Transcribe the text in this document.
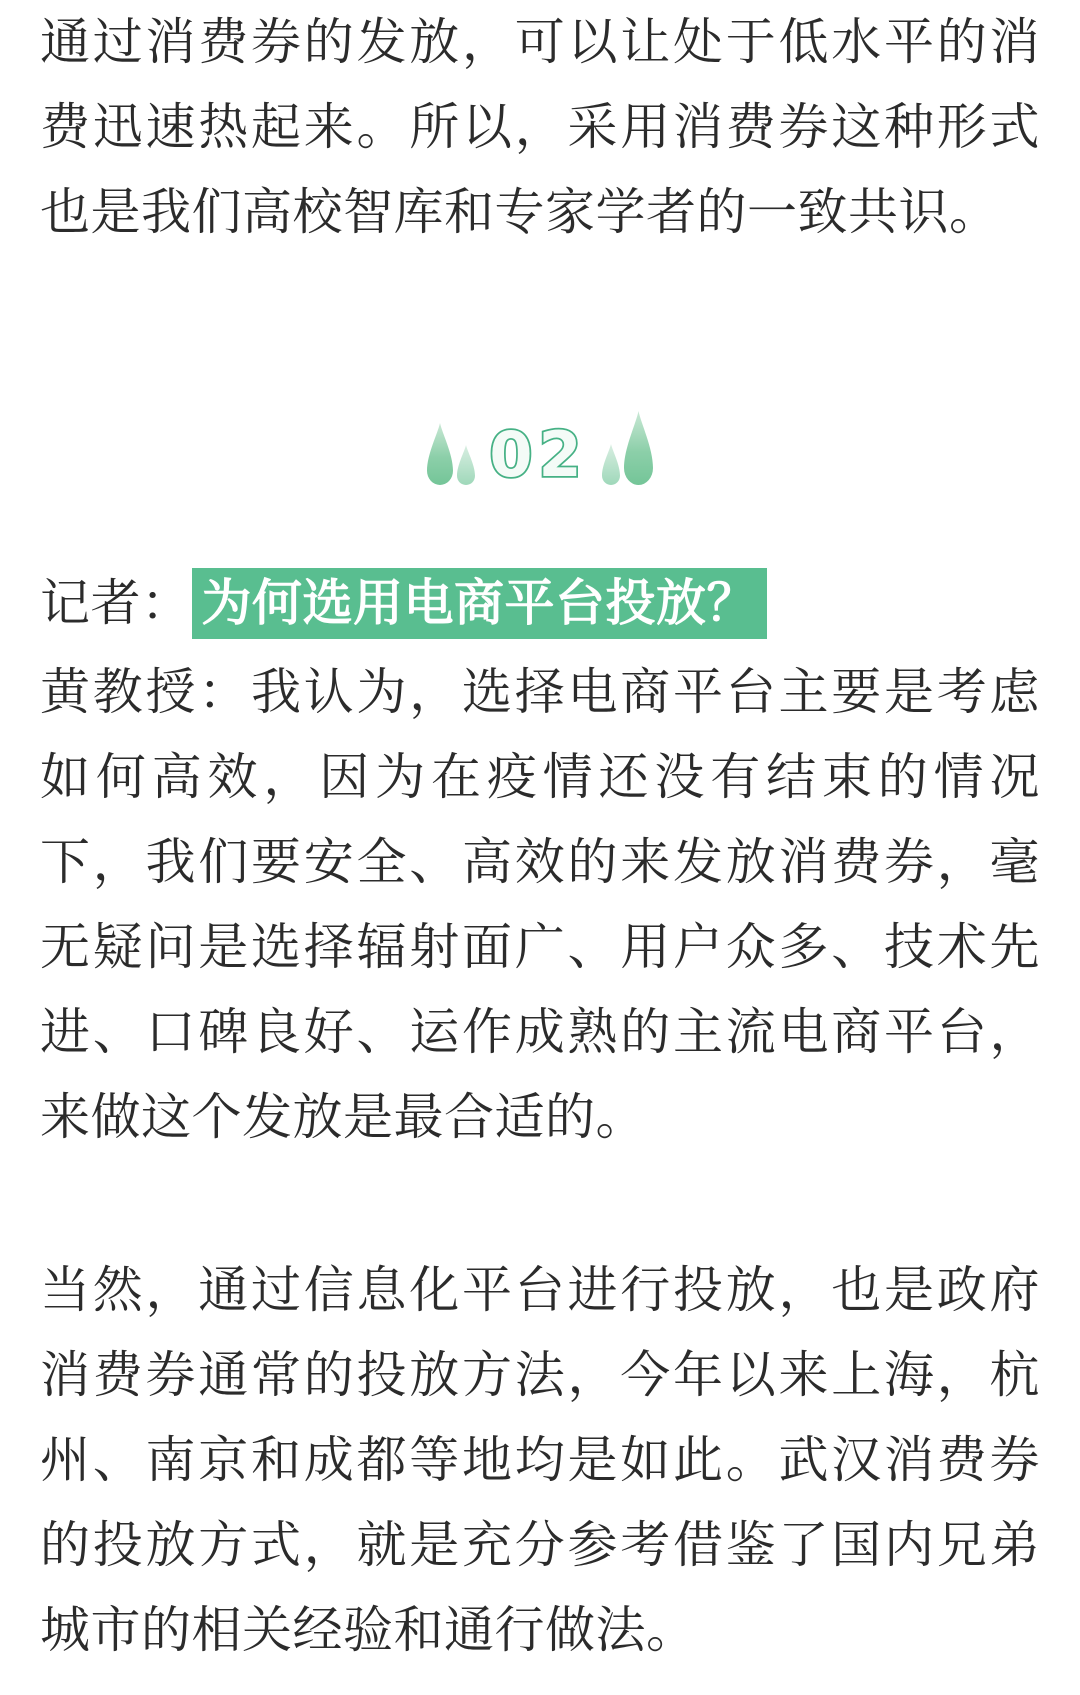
通过消费券的发放，可以让处于低水平的消费迅速热起来。所以，采用消费券这种形式也是我们高校智库和专家学者的一致共识。

02

记者： 为何选用电商平台投放？

黄教授：我认为，选择电商平台主要是考虑如何高效，因为在疫情还没有结束的情况下，我们要安全、高效的来发放消费券，毫无疑问是选择辐射面广、用户众多、技术先进、口碑良好、运作成熟的主流电商平台，来做这个发放是最合适的。

当然，通过信息化平台进行投放，也是政府消费券通常的投放方法，今年以来上海，杭州、南京和成都等地均是如此。武汉消费券的投放方式，就是充分参考借鉴了国内兄弟城市的相关经验和通行做法。
